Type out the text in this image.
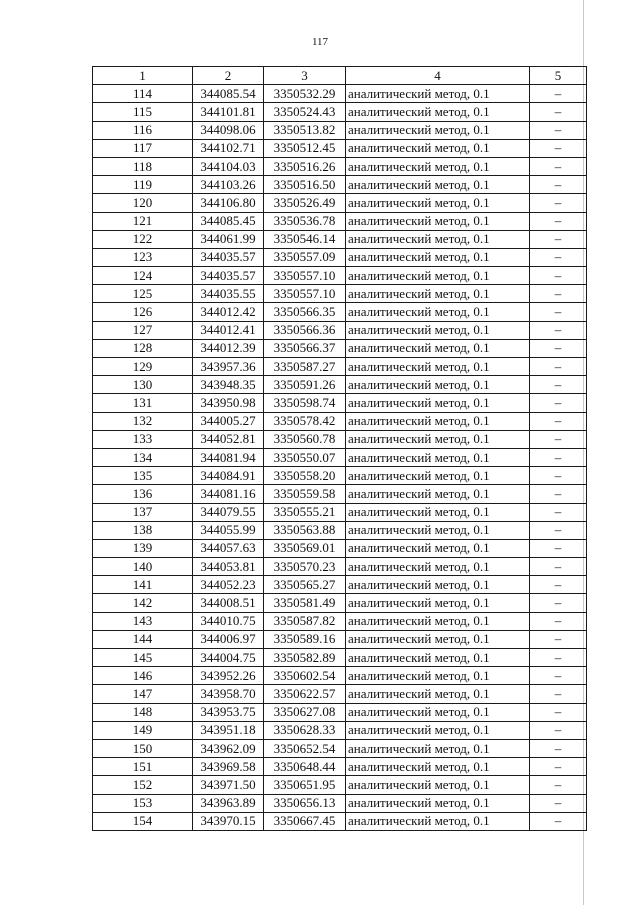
117
1	2	3	4	5
114	344085.54	3350532.29	аналитический метод, 0.1	–
115	344101.81	3350524.43	аналитический метод, 0.1	–
116	344098.06	3350513.82	аналитический метод, 0.1	–
117	344102.71	3350512.45	аналитический метод, 0.1	–
118	344104.03	3350516.26	аналитический метод, 0.1	–
119	344103.26	3350516.50	аналитический метод, 0.1	–
120	344106.80	3350526.49	аналитический метод, 0.1	–
121	344085.45	3350536.78	аналитический метод, 0.1	–
122	344061.99	3350546.14	аналитический метод, 0.1	–
123	344035.57	3350557.09	аналитический метод, 0.1	–
124	344035.57	3350557.10	аналитический метод, 0.1	–
125	344035.55	3350557.10	аналитический метод, 0.1	–
126	344012.42	3350566.35	аналитический метод, 0.1	–
127	344012.41	3350566.36	аналитический метод, 0.1	–
128	344012.39	3350566.37	аналитический метод, 0.1	–
129	343957.36	3350587.27	аналитический метод, 0.1	–
130	343948.35	3350591.26	аналитический метод, 0.1	–
131	343950.98	3350598.74	аналитический метод, 0.1	–
132	344005.27	3350578.42	аналитический метод, 0.1	–
133	344052.81	3350560.78	аналитический метод, 0.1	–
134	344081.94	3350550.07	аналитический метод, 0.1	–
135	344084.91	3350558.20	аналитический метод, 0.1	–
136	344081.16	3350559.58	аналитический метод, 0.1	–
137	344079.55	3350555.21	аналитический метод, 0.1	–
138	344055.99	3350563.88	аналитический метод, 0.1	–
139	344057.63	3350569.01	аналитический метод, 0.1	–
140	344053.81	3350570.23	аналитический метод, 0.1	–
141	344052.23	3350565.27	аналитический метод, 0.1	–
142	344008.51	3350581.49	аналитический метод, 0.1	–
143	344010.75	3350587.82	аналитический метод, 0.1	–
144	344006.97	3350589.16	аналитический метод, 0.1	–
145	344004.75	3350582.89	аналитический метод, 0.1	–
146	343952.26	3350602.54	аналитический метод, 0.1	–
147	343958.70	3350622.57	аналитический метод, 0.1	–
148	343953.75	3350627.08	аналитический метод, 0.1	–
149	343951.18	3350628.33	аналитический метод, 0.1	–
150	343962.09	3350652.54	аналитический метод, 0.1	–
151	343969.58	3350648.44	аналитический метод, 0.1	–
152	343971.50	3350651.95	аналитический метод, 0.1	–
153	343963.89	3350656.13	аналитический метод, 0.1	–
154	343970.15	3350667.45	аналитический метод, 0.1	–
